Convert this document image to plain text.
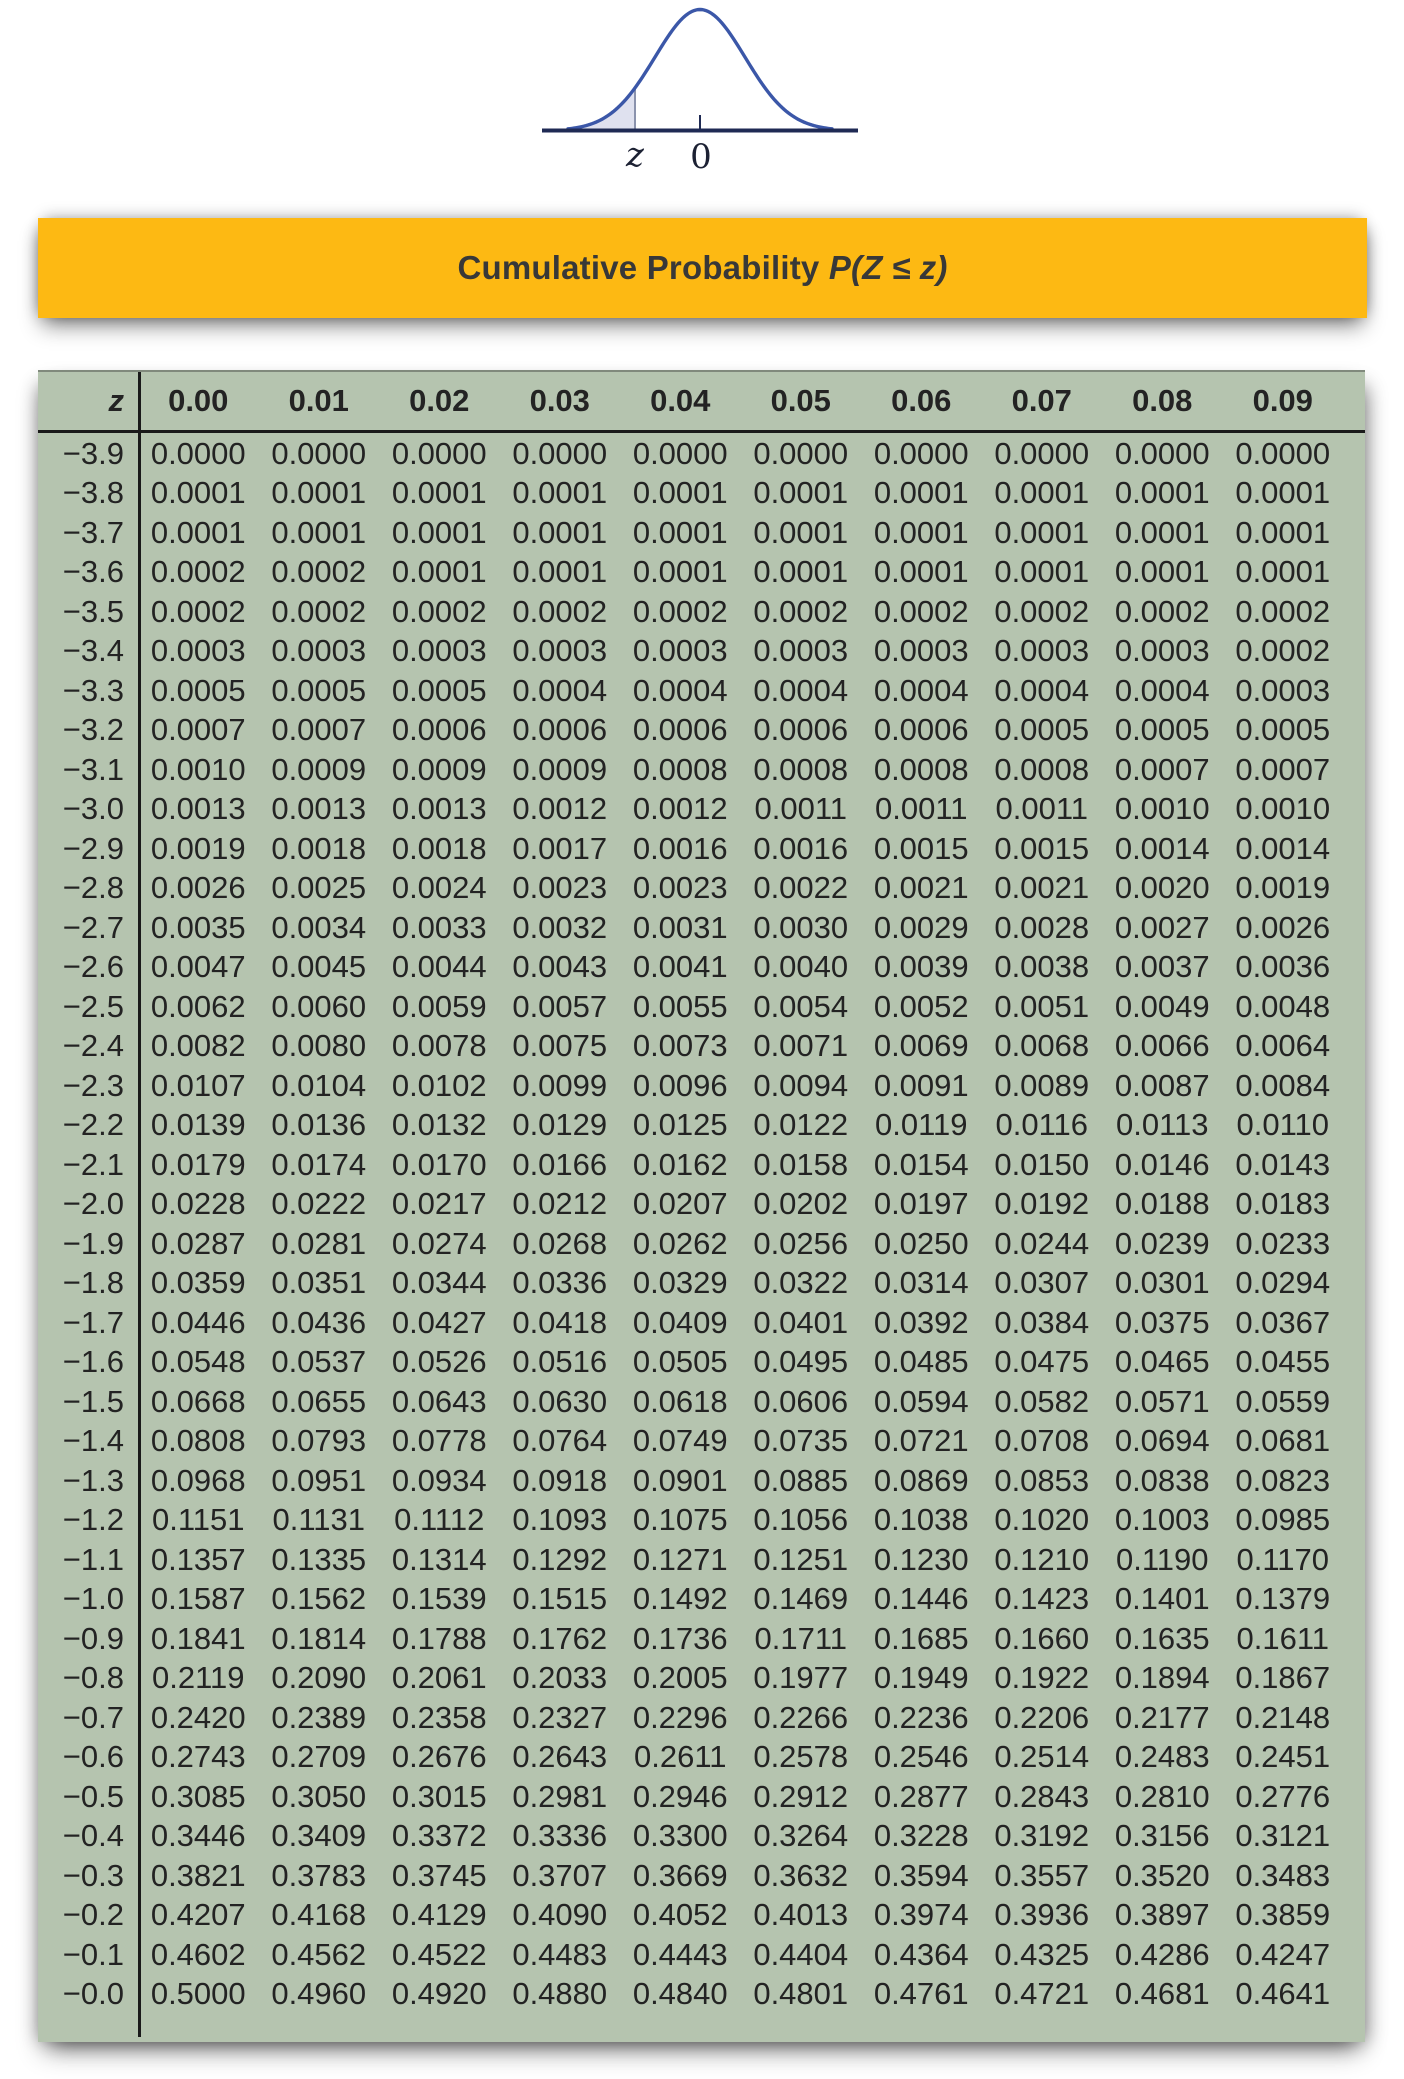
z 0
Cumulative Probability P(Z ≤ z)
z	0.00	0.01	0.02	0.03	0.04	0.05	0.06	0.07	0.08	0.09
−3.9 0.0000 0.0000 0.0000 0.0000 0.0000 0.0000 0.0000 0.0000 0.0000 0.0000
−3.8 0.0001 0.0001 0.0001 0.0001 0.0001 0.0001 0.0001 0.0001 0.0001 0.0001
−3.7 0.0001 0.0001 0.0001 0.0001 0.0001 0.0001 0.0001 0.0001 0.0001 0.0001
−3.6 0.0002 0.0002 0.0001 0.0001 0.0001 0.0001 0.0001 0.0001 0.0001 0.0001
−3.5 0.0002 0.0002 0.0002 0.0002 0.0002 0.0002 0.0002 0.0002 0.0002 0.0002
−3.4 0.0003 0.0003 0.0003 0.0003 0.0003 0.0003 0.0003 0.0003 0.0003 0.0002
−3.3 0.0005 0.0005 0.0005 0.0004 0.0004 0.0004 0.0004 0.0004 0.0004 0.0003
−3.2 0.0007 0.0007 0.0006 0.0006 0.0006 0.0006 0.0006 0.0005 0.0005 0.0005
−3.1 0.0010 0.0009 0.0009 0.0009 0.0008 0.0008 0.0008 0.0008 0.0007 0.0007
−3.0 0.0013 0.0013 0.0013 0.0012 0.0012 0.0011 0.0011 0.0011 0.0010 0.0010
−2.9 0.0019 0.0018 0.0018 0.0017 0.0016 0.0016 0.0015 0.0015 0.0014 0.0014
−2.8 0.0026 0.0025 0.0024 0.0023 0.0023 0.0022 0.0021 0.0021 0.0020 0.0019
−2.7 0.0035 0.0034 0.0033 0.0032 0.0031 0.0030 0.0029 0.0028 0.0027 0.0026
−2.6 0.0047 0.0045 0.0044 0.0043 0.0041 0.0040 0.0039 0.0038 0.0037 0.0036
−2.5 0.0062 0.0060 0.0059 0.0057 0.0055 0.0054 0.0052 0.0051 0.0049 0.0048
−2.4 0.0082 0.0080 0.0078 0.0075 0.0073 0.0071 0.0069 0.0068 0.0066 0.0064
−2.3 0.0107 0.0104 0.0102 0.0099 0.0096 0.0094 0.0091 0.0089 0.0087 0.0084
−2.2 0.0139 0.0136 0.0132 0.0129 0.0125 0.0122 0.0119 0.0116 0.0113 0.0110
−2.1 0.0179 0.0174 0.0170 0.0166 0.0162 0.0158 0.0154 0.0150 0.0146 0.0143
−2.0 0.0228 0.0222 0.0217 0.0212 0.0207 0.0202 0.0197 0.0192 0.0188 0.0183
−1.9 0.0287 0.0281 0.0274 0.0268 0.0262 0.0256 0.0250 0.0244 0.0239 0.0233
−1.8 0.0359 0.0351 0.0344 0.0336 0.0329 0.0322 0.0314 0.0307 0.0301 0.0294
−1.7 0.0446 0.0436 0.0427 0.0418 0.0409 0.0401 0.0392 0.0384 0.0375 0.0367
−1.6 0.0548 0.0537 0.0526 0.0516 0.0505 0.0495 0.0485 0.0475 0.0465 0.0455
−1.5 0.0668 0.0655 0.0643 0.0630 0.0618 0.0606 0.0594 0.0582 0.0571 0.0559
−1.4 0.0808 0.0793 0.0778 0.0764 0.0749 0.0735 0.0721 0.0708 0.0694 0.0681
−1.3 0.0968 0.0951 0.0934 0.0918 0.0901 0.0885 0.0869 0.0853 0.0838 0.0823
−1.2 0.1151 0.1131 0.1112 0.1093 0.1075 0.1056 0.1038 0.1020 0.1003 0.0985
−1.1 0.1357 0.1335 0.1314 0.1292 0.1271 0.1251 0.1230 0.1210 0.1190 0.1170
−1.0 0.1587 0.1562 0.1539 0.1515 0.1492 0.1469 0.1446 0.1423 0.1401 0.1379
−0.9 0.1841 0.1814 0.1788 0.1762 0.1736 0.1711 0.1685 0.1660 0.1635 0.1611
−0.8 0.2119 0.2090 0.2061 0.2033 0.2005 0.1977 0.1949 0.1922 0.1894 0.1867
−0.7 0.2420 0.2389 0.2358 0.2327 0.2296 0.2266 0.2236 0.2206 0.2177 0.2148
−0.6 0.2743 0.2709 0.2676 0.2643 0.2611 0.2578 0.2546 0.2514 0.2483 0.2451
−0.5 0.3085 0.3050 0.3015 0.2981 0.2946 0.2912 0.2877 0.2843 0.2810 0.2776
−0.4 0.3446 0.3409 0.3372 0.3336 0.3300 0.3264 0.3228 0.3192 0.3156 0.3121
−0.3 0.3821 0.3783 0.3745 0.3707 0.3669 0.3632 0.3594 0.3557 0.3520 0.3483
−0.2 0.4207 0.4168 0.4129 0.4090 0.4052 0.4013 0.3974 0.3936 0.3897 0.3859
−0.1 0.4602 0.4562 0.4522 0.4483 0.4443 0.4404 0.4364 0.4325 0.4286 0.4247
−0.0 0.5000 0.4960 0.4920 0.4880 0.4840 0.4801 0.4761 0.4721 0.4681 0.4641
